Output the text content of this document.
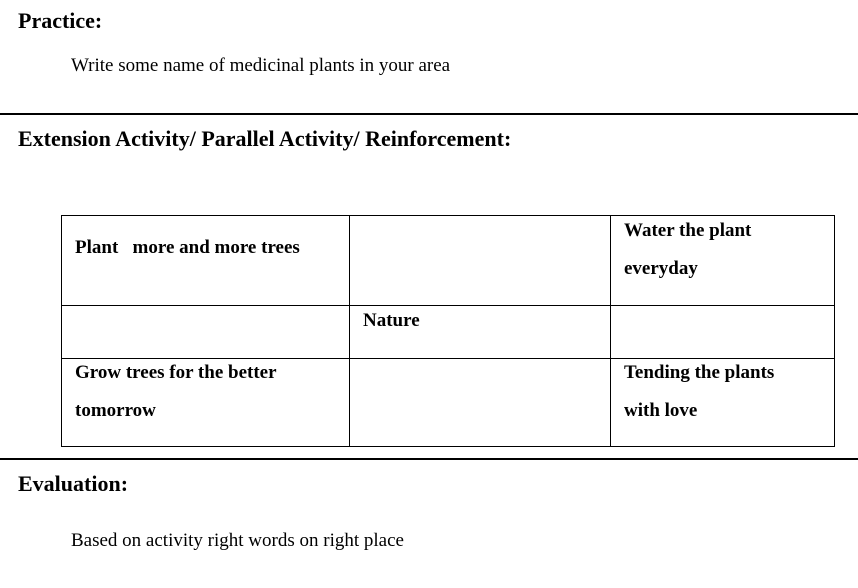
Practice:
Write some name of medicinal plants in your area
Extension Activity/ Parallel Activity/ Reinforcement:
Plant   more and more trees
Water the plant
everyday
Nature
Grow trees for the better
tomorrow
Tending the plants
with love
Evaluation:
Based on activity right words on right place
